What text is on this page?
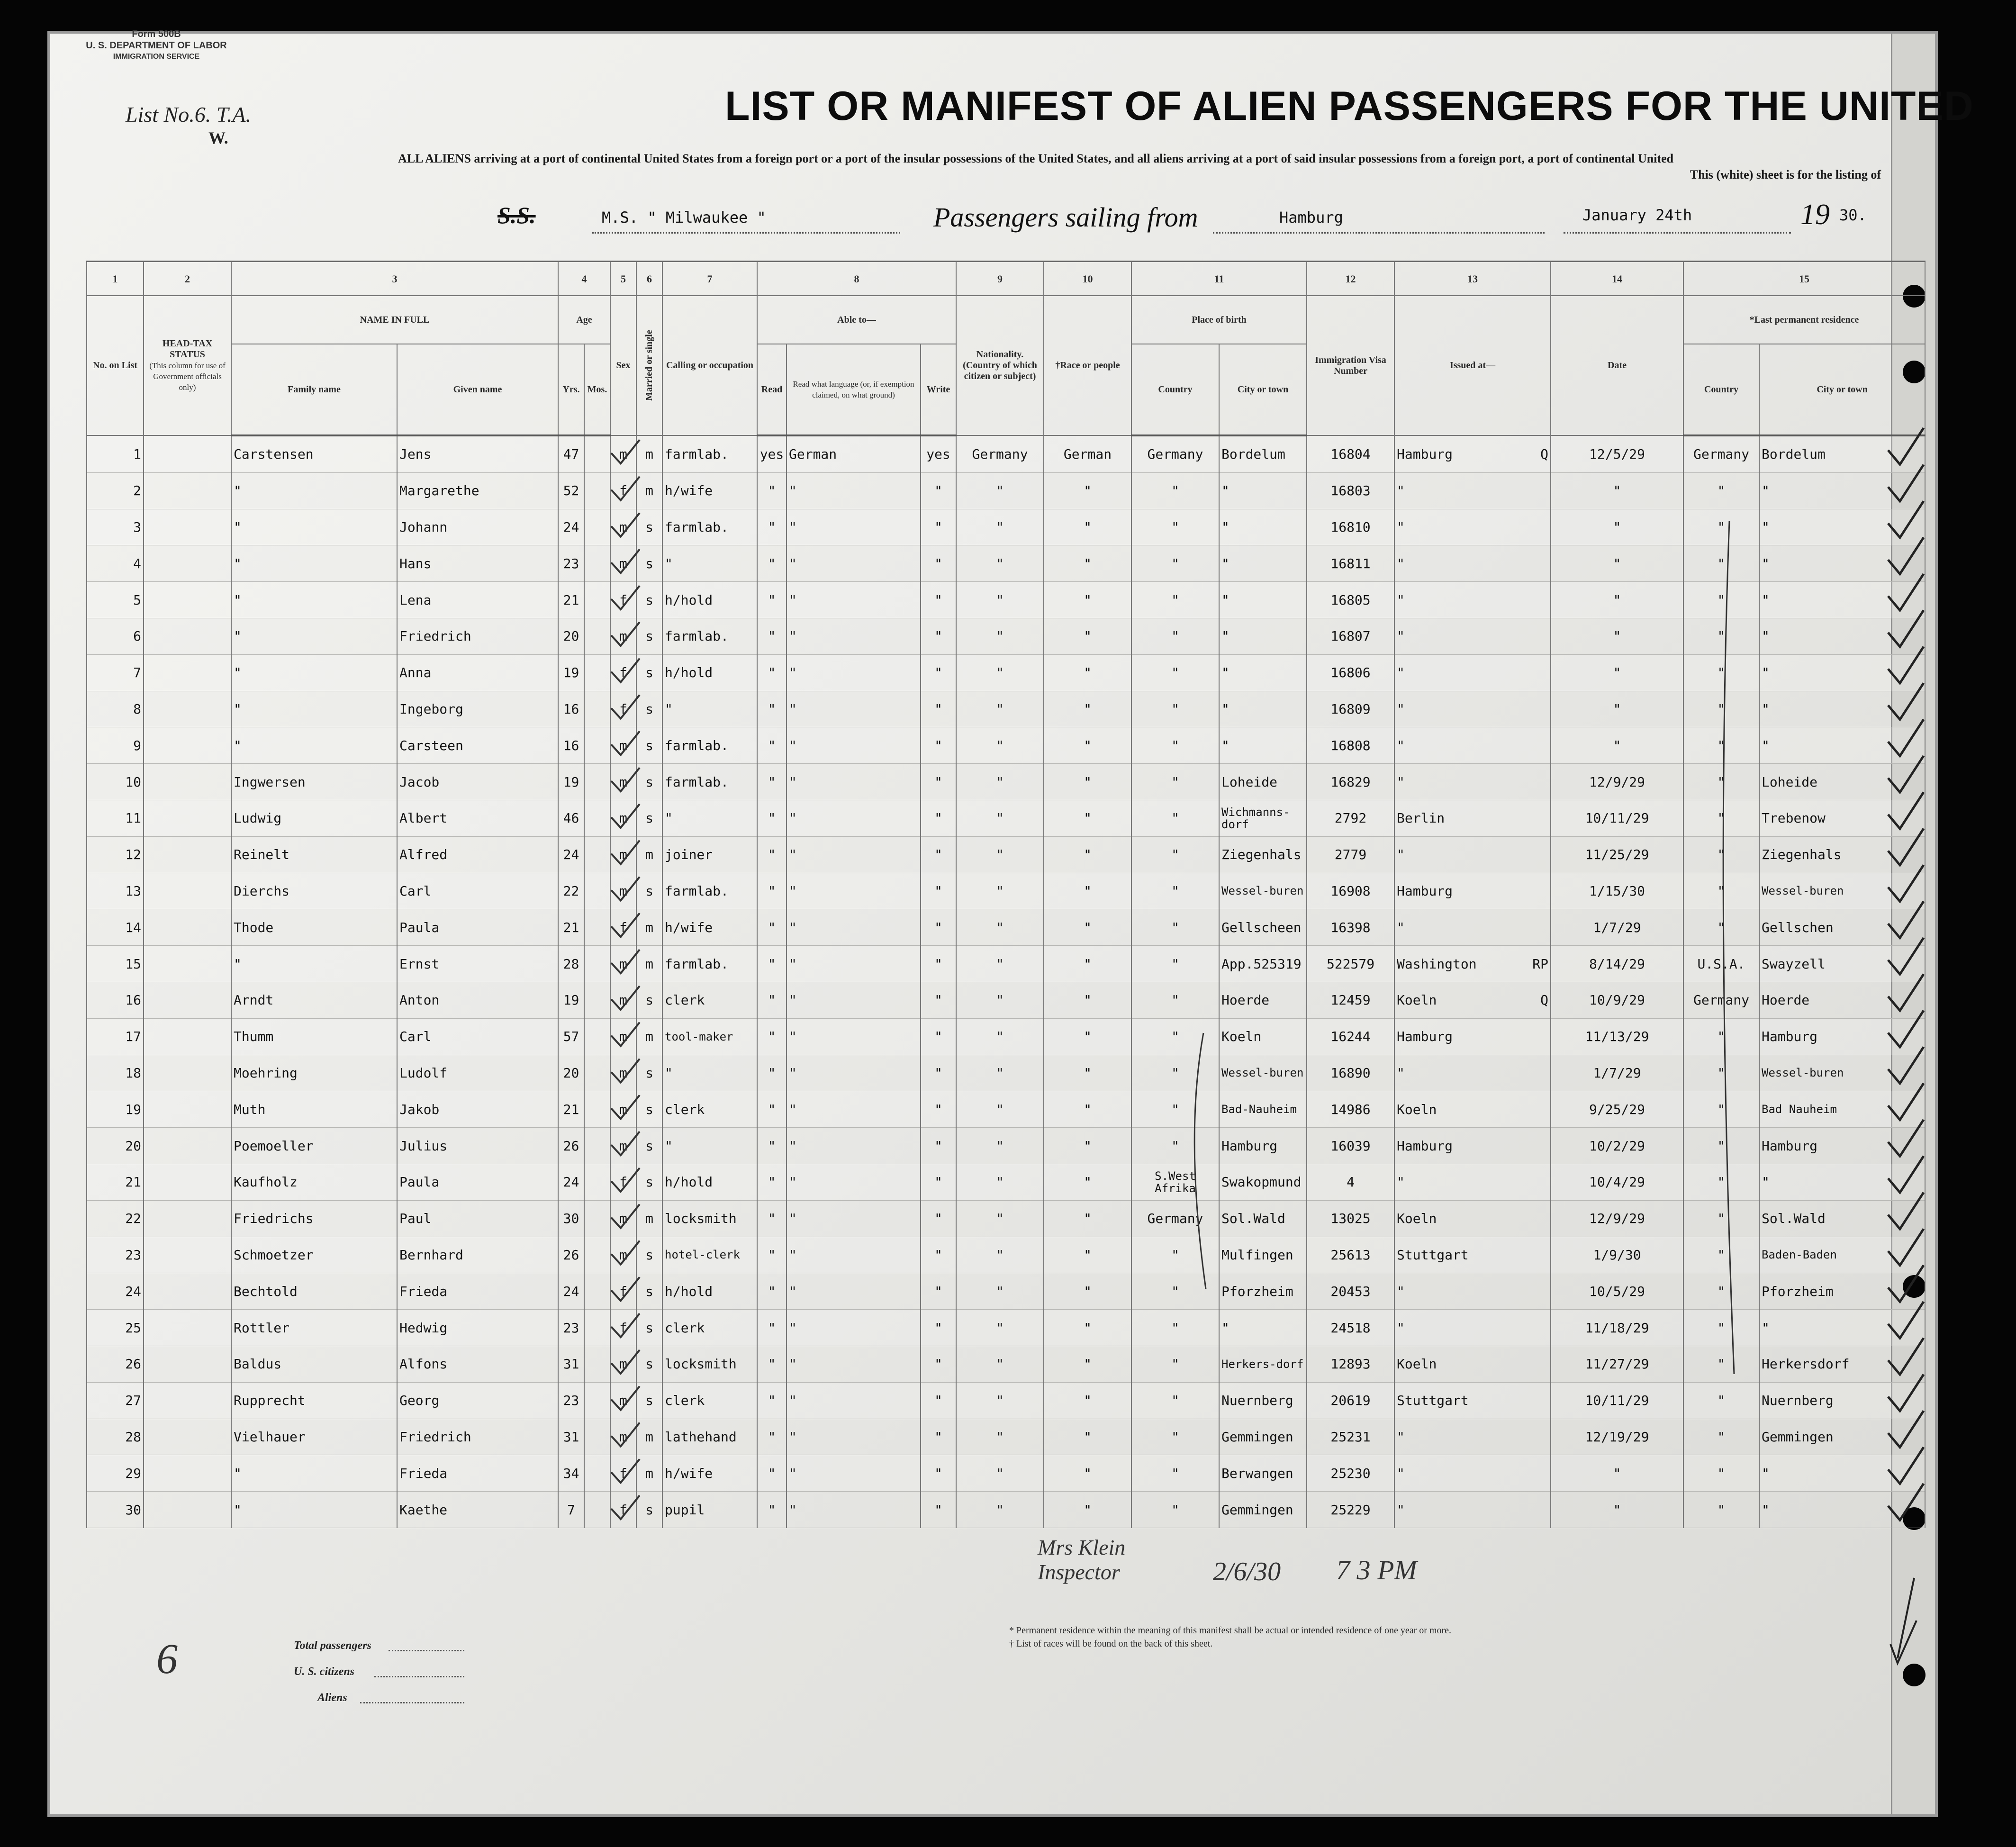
Form 500B
U. S. DEPARTMENT OF LABOR
IMMIGRATION SERVICE
List No.6. T.A.
W.
LIST OR MANIFEST OF ALIEN PASSENGERS FOR THE UNITED
ALL ALIENS arriving at a port of continental United States from a foreign port or a port of the insular possessions of the United States, and all aliens arriving at a port of said insular possessions from a foreign port, a port of continental United
This (white) sheet is for the listing of
S.S.	M.S. " Milwaukee "	Passengers sailing from	Hamburg	January 24th	19 30.
1	2	3		4		5	6	7	8			9	10	11		12	13	14	15	
No. on List	HEAD-TAX STATUS
(This column for use of Government officials only)	NAME IN FULL		Age		Sex	Married or single	Calling or occupation	Able to—			Nationality. (Country of which citizen or subject)	†Race or people	Place of birth		Immigration Visa Number	Issued at—	Date	*Last permanent residence	
		Family name	Given name	Yrs.	Mos.				Read	Read what language (or, if exemption claimed, on what ground)	Write			Country	City or town				Country	City or town
1		Carstensen	Jens	47		m	m	farmlab.	yes	German	yes	Germany	German	Germany	Bordelum	16804	Hamburg Q	12/5/29	Germany	Bordelum
2		"	Margarethe	52		f	m	h/wife	"	"	"	"	"	"	"	16803	"	"	"	"
3		"	Johann	24		m	s	farmlab.	"	"	"	"	"	"	"	16810	"	"	"	"
4		"	Hans	23		m	s	"	"	"	"	"	"	"	"	16811	"	"	"	"
5		"	Lena	21		f	s	h/hold	"	"	"	"	"	"	"	16805	"	"	"	"
6		"	Friedrich	20		m	s	farmlab.	"	"	"	"	"	"	"	16807	"	"	"	"
7		"	Anna	19		f	s	h/hold	"	"	"	"	"	"	"	16806	"	"	"	"
8		"	Ingeborg	16		f	s	"	"	"	"	"	"	"	"	16809	"	"	"	"
9		"	Carsteen	16		m	s	farmlab.	"	"	"	"	"	"	"	16808	"	"	"	"
10		Ingwersen	Jacob	19		m	s	farmlab.	"	"	"	"	"	"	Loheide	16829	"	12/9/29	"	Loheide
11		Ludwig	Albert	46		m	s	"	"	"	"	"	"	"	Wichmanns-dorf	2792	Berlin	10/11/29	"	Trebenow
12		Reinelt	Alfred	24		m	m	joiner	"	"	"	"	"	"	Ziegenhals	2779	"	11/25/29	"	Ziegenhals
13		Dierchs	Carl	22		m	s	farmlab.	"	"	"	"	"	"	Wessel-buren	16908	Hamburg	1/15/30	"	Wessel-buren
14		Thode	Paula	21		f	m	h/wife	"	"	"	"	"	"	Gellscheen	16398	"	1/7/29	"	Gellschen
15		"	Ernst	28		m	m	farmlab.	"	"	"	"	"	"	App.525319	522579	Washington RP	8/14/29	U.S.A.	Swayzell
16		Arndt	Anton	19		m	s	clerk	"	"	"	"	"	"	Hoerde	12459	Koeln Q	10/9/29	Germany	Hoerde
17		Thumm	Carl	57		m	m	tool-maker	"	"	"	"	"	"	Koeln	16244	Hamburg	11/13/29	"	Hamburg
18		Moehring	Ludolf	20		m	s	"	"	"	"	"	"	"	Wessel-buren	16890	"	1/7/29	"	Wessel-buren
19		Muth	Jakob	21		m	s	clerk	"	"	"	"	"	"	Bad-Nauheim	14986	Koeln	9/25/29	"	Bad Nauheim
20		Poemoeller	Julius	26		m	s	"	"	"	"	"	"	"	Hamburg	16039	Hamburg	10/2/29	"	Hamburg
21		Kaufholz	Paula	24		f	s	h/hold	"	"	"	"	"	S.West Afrika	Swakopmund	4	"	10/4/29	"	"
22		Friedrichs	Paul	30		m	m	locksmith	"	"	"	"	"	Germany	Sol.Wald	13025	Koeln	12/9/29	"	Sol.Wald
23		Schmoetzer	Bernhard	26		m	s	hotel-clerk	"	"	"	"	"	"	Mulfingen	25613	Stuttgart	1/9/30	"	Baden-Baden
24		Bechtold	Frieda	24		f	s	h/hold	"	"	"	"	"	"	Pforzheim	20453	"	10/5/29	"	Pforzheim
25		Rottler	Hedwig	23		f	s	clerk	"	"	"	"	"	"	"	24518	"	11/18/29	"	"
26		Baldus	Alfons	31		m	s	locksmith	"	"	"	"	"	"	Herkers-dorf	12893	Koeln	11/27/29	"	Herkersdorf
27		Rupprecht	Georg	23		m	s	clerk	"	"	"	"	"	"	Nuernberg	20619	Stuttgart	10/11/29	"	Nuernberg
28		Vielhauer	Friedrich	31		m	m	lathehand	"	"	"	"	"	"	Gemmingen	25231	"	12/19/29	"	Gemmingen
29		"	Frieda	34		f	m	h/wife	"	"	"	"	"	"	Berwangen	25230	"	"	"	"
30		"	Kaethe	7		f	s	pupil	"	"	"	"	"	"	Gemmingen	25229	"	"	"	"
6
Mrs Klein Inspector	2/6/30 7 3 PM
Total passengers
U. S. citizens
Aliens
* Permanent residence within the meaning of this manifest shall be actual or intended residence of one year or more.
† List of races will be found on the back of this sheet.
